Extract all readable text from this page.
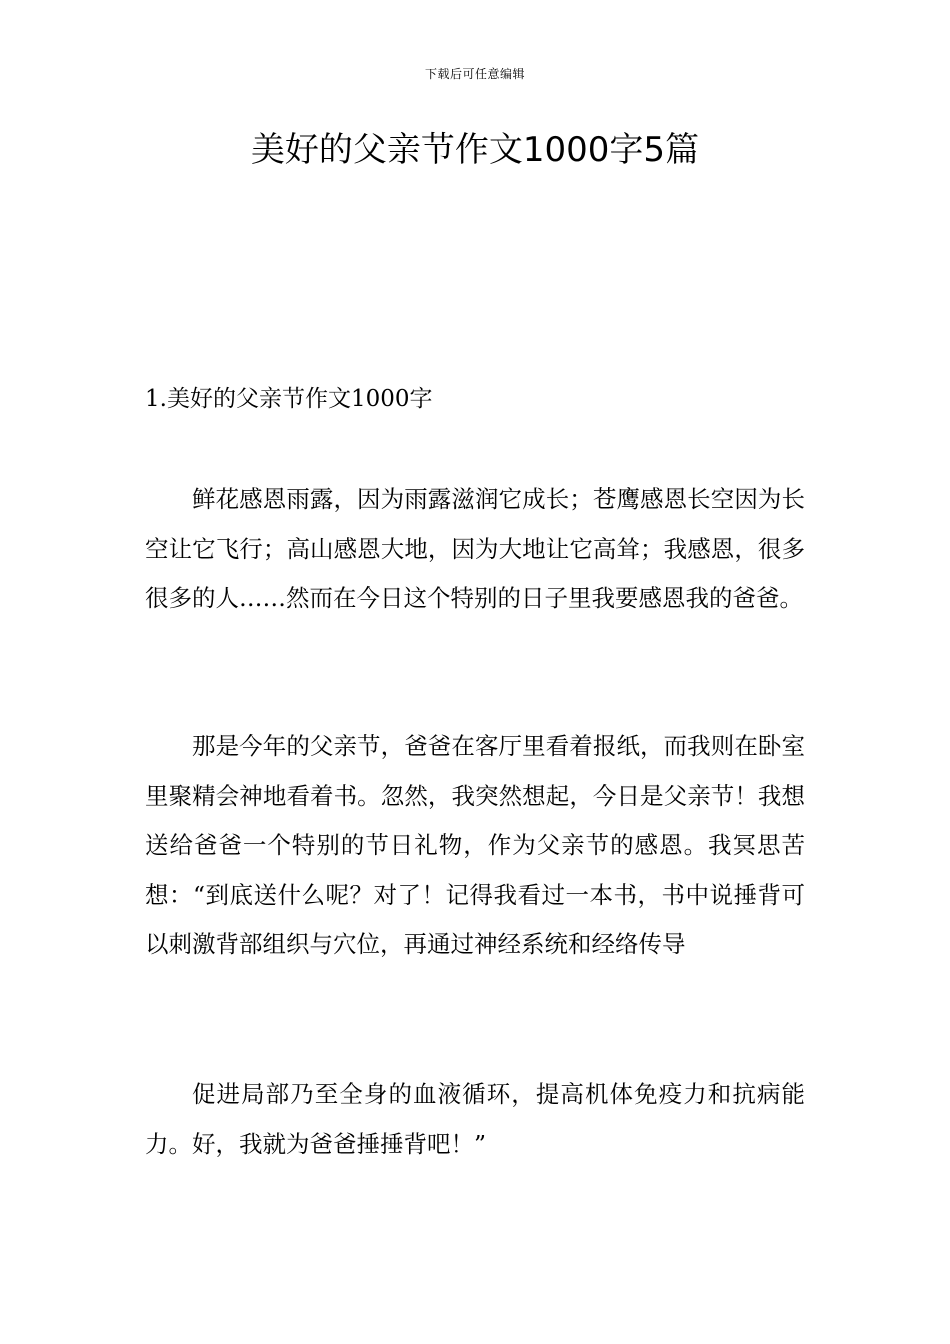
下载后可任意编辑
美好的父亲节作文1000字5篇
1.美好的父亲节作文1000字

鲜花感恩雨露，因为雨露滋润它成长；苍鹰感恩长空因为长空让它飞行；高山感恩大地，因为大地让它高耸；我感恩，很多很多的人……然而在今日这个特别的日子里我要感恩我的爸爸。

那是今年的父亲节，爸爸在客厅里看着报纸，而我则在卧室里聚精会神地看着书。忽然，我突然想起，今日是父亲节！我想送给爸爸一个特别的节日礼物，作为父亲节的感恩。我冥思苦想：“到底送什么呢？对了！记得我看过一本书，书中说捶背可以刺激背部组织与穴位，再通过神经系统和经络传导

促进局部乃至全身的血液循环，提高机体免疫力和抗病能力。好，我就为爸爸捶捶背吧！”
